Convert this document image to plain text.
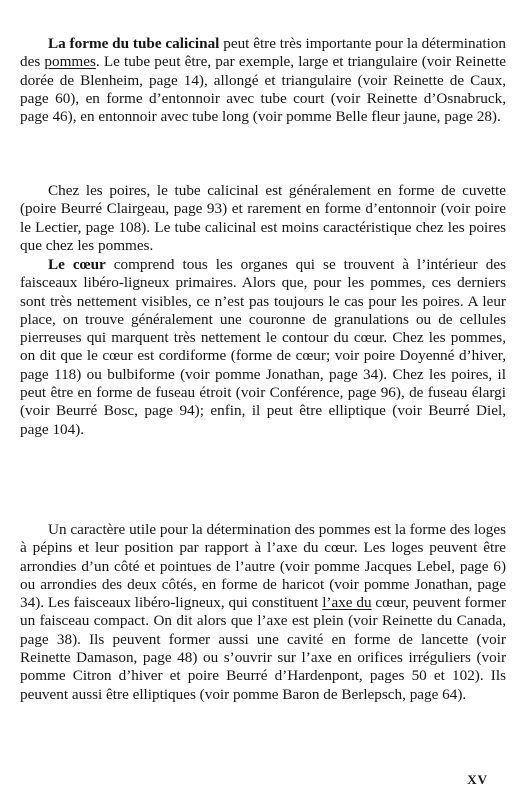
La forme du tube calicinal peut être très importante pour la détermination des pommes. Le tube peut être, par exemple, large et triangulaire (voir Reinette dorée de Blenheim, page 14), allongé et triangulaire (voir Reinette de Caux, page 60), en forme d’entonnoir avec tube court (voir Reinette d’Osnabruck, page 46), en entonnoir avec tube long (voir pomme Belle fleur jaune, page 28).

Chez les poires, le tube calicinal est généralement en forme de cuvette (poire Beurré Clairgeau, page 93) et rarement en forme d’entonnoir (voir poire le Lectier, page 108). Le tube calicinal est moins caractéristique chez les poires que chez les pommes.

Le cœur comprend tous les organes qui se trouvent à l’intérieur des faisceaux libéro-ligneux primaires. Alors que, pour les pommes, ces derniers sont très nettement visibles, ce n’est pas toujours le cas pour les poires. A leur place, on trouve généralement une couronne de granulations ou de cellules pierreuses qui marquent très nettement le contour du cœur. Chez les pommes, on dit que le cœur est cordiforme (forme de cœur; voir poire Doyenné d’hiver, page 118) ou bulbiforme (voir pomme Jonathan, page 34). Chez les poires, il peut être en forme de fuseau étroit (voir Conférence, page 96), de fuseau élargi (voir Beurré Bosc, page 94); enfin, il peut être elliptique (voir Beurré Diel, page 104).

Un caractère utile pour la détermination des pommes est la forme des loges à pépins et leur position par rapport à l’axe du cœur. Les loges peuvent être arrondies d’un côté et pointues de l’autre (voir pomme Jacques Lebel, page 6) ou arrondies des deux côtés, en forme de haricot (voir pomme Jonathan, page 34). Les faisceaux libéro-ligneux, qui constituent l’axe du cœur, peuvent former un faisceau compact. On dit alors que l’axe est plein (voir Reinette du Canada, page 38). Ils peuvent former aussi une cavité en forme de lancette (voir Reinette Damason, page 48) ou s’ouvrir sur l’axe en orifices irréguliers (voir pomme Citron d’hiver et poire Beurré d’Hardenpont, pages 50 et 102). Ils peuvent aussi être elliptiques (voir pomme Baron de Berlepsch, page 64).

XV
